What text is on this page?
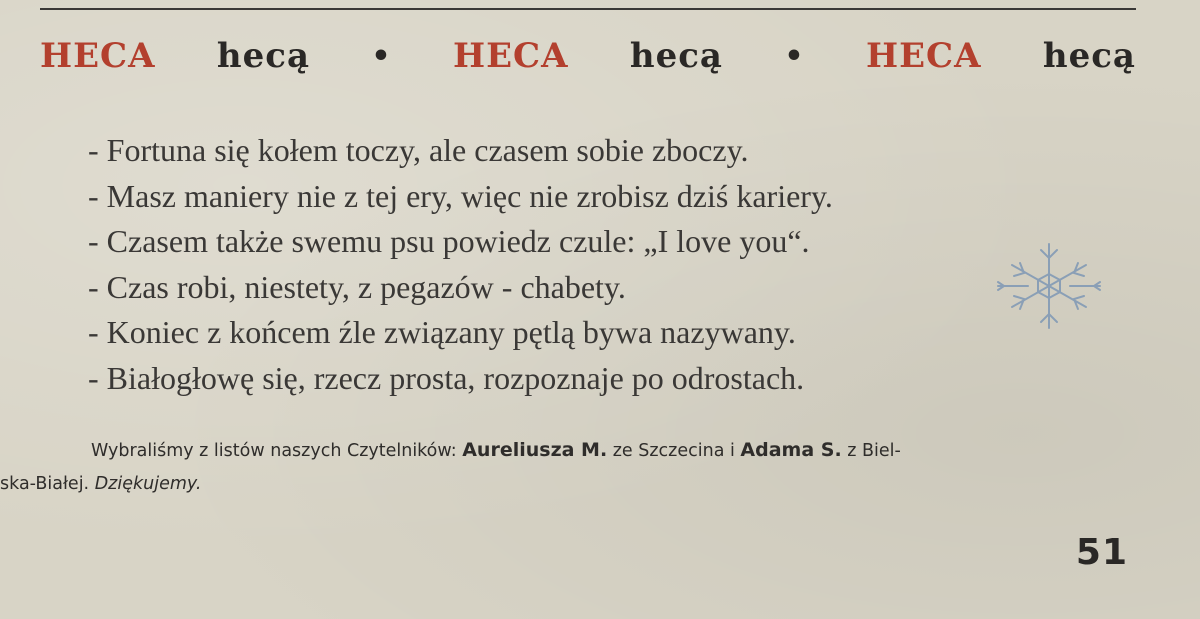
HECA hecą • HECA hecą • HECA hecą
- Fortuna się kołem toczy, ale czasem sobie zboczy.
- Masz maniery nie z tej ery, więc nie zrobisz dziś kariery.
- Czasem także swemu psu powiedz czule: „I love you“.
- Czas robi, niestety, z pegazów - chabety.
- Koniec z końcem źle związany pętlą bywa nazywany.
- Białogłowę się, rzecz prosta, rozpoznaje po odrostach.
Wybraliśmy z listów naszych Czytelników: Aureliusza M. ze Szczecina i Adama S. z Biel-
ska-Białej. Dziękujemy.
51
